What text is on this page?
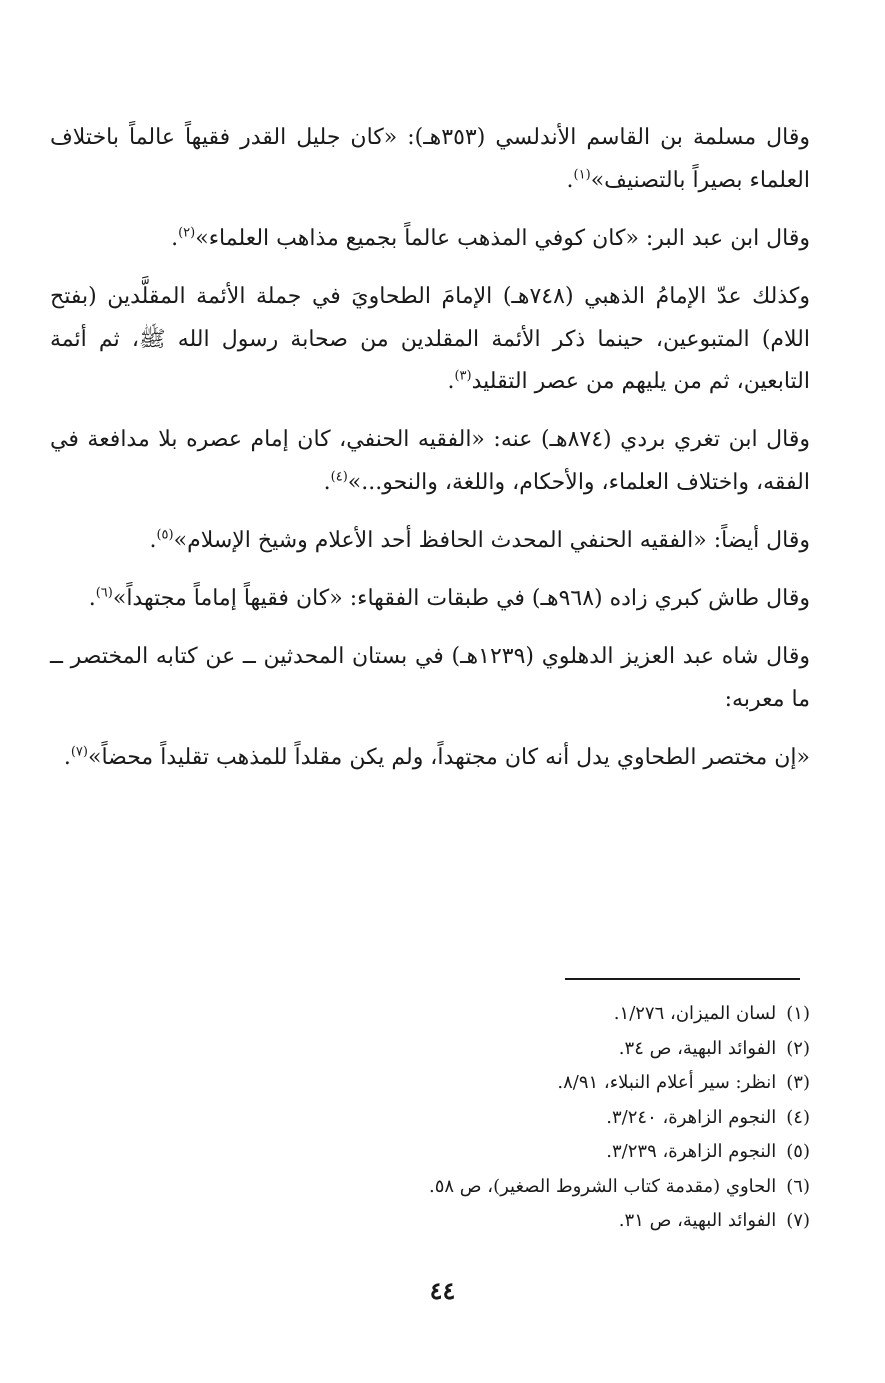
وقال مسلمة بن القاسم الأندلسي (٣٥٣هـ): «كان جليل القدر فقيهاً عالماً باختلاف العلماء بصيراً بالتصنيف»$^{(١)}$.

وقال ابن عبد البر: «كان كوفي المذهب عالماً بجميع مذاهب العلماء»$^{(٢)}$.

وكذلك عدّ الإمامُ الذهبي (٧٤٨هـ) الإمامَ الطحاويَ في جملة الأئمة المقلَّدين (بفتح اللام) المتبوعين، حينما ذكر الأئمة المقلدين من صحابة رسول الله ﷺ، ثم أئمة التابعين، ثم من يليهم من عصر التقليد$^{(٣)}$.

وقال ابن تغري بردي (٨٧٤هـ) عنه: «الفقيه الحنفي، كان إمام عصره بلا مدافعة في الفقه، واختلاف العلماء، والأحكام، واللغة، والنحو...»$^{(٤)}$.

وقال أيضاً: «الفقيه الحنفي المحدث الحافظ أحد الأعلام وشيخ الإسلام»$^{(٥)}$.

وقال طاش كبري زاده (٩٦٨هـ) في طبقات الفقهاء: «كان فقيهاً إماماً مجتهداً»$^{(٦)}$.

وقال شاه عبد العزيز الدهلوي (١٢٣٩هـ) في بستان المحدثين ــ عن كتابه المختصر ــ ما معربه:

«إن مختصر الطحاوي يدل أنه كان مجتهداً، ولم يكن مقلداً للمذهب تقليداً محضاً»$^{(٧)}$.

(١)لسان الميزان، ١/٢٧٦.
(٢)الفوائد البهية، ص ٣٤.
(٣)انظر: سير أعلام النبلاء، ٨/٩١.
(٤)النجوم الزاهرة، ٣/٢٤٠.
(٥)النجوم الزاهرة، ٣/٢٣٩.
(٦)الحاوي (مقدمة كتاب الشروط الصغير)، ص ٥٨.
(٧)الفوائد البهية، ص ٣١.
٤٤
